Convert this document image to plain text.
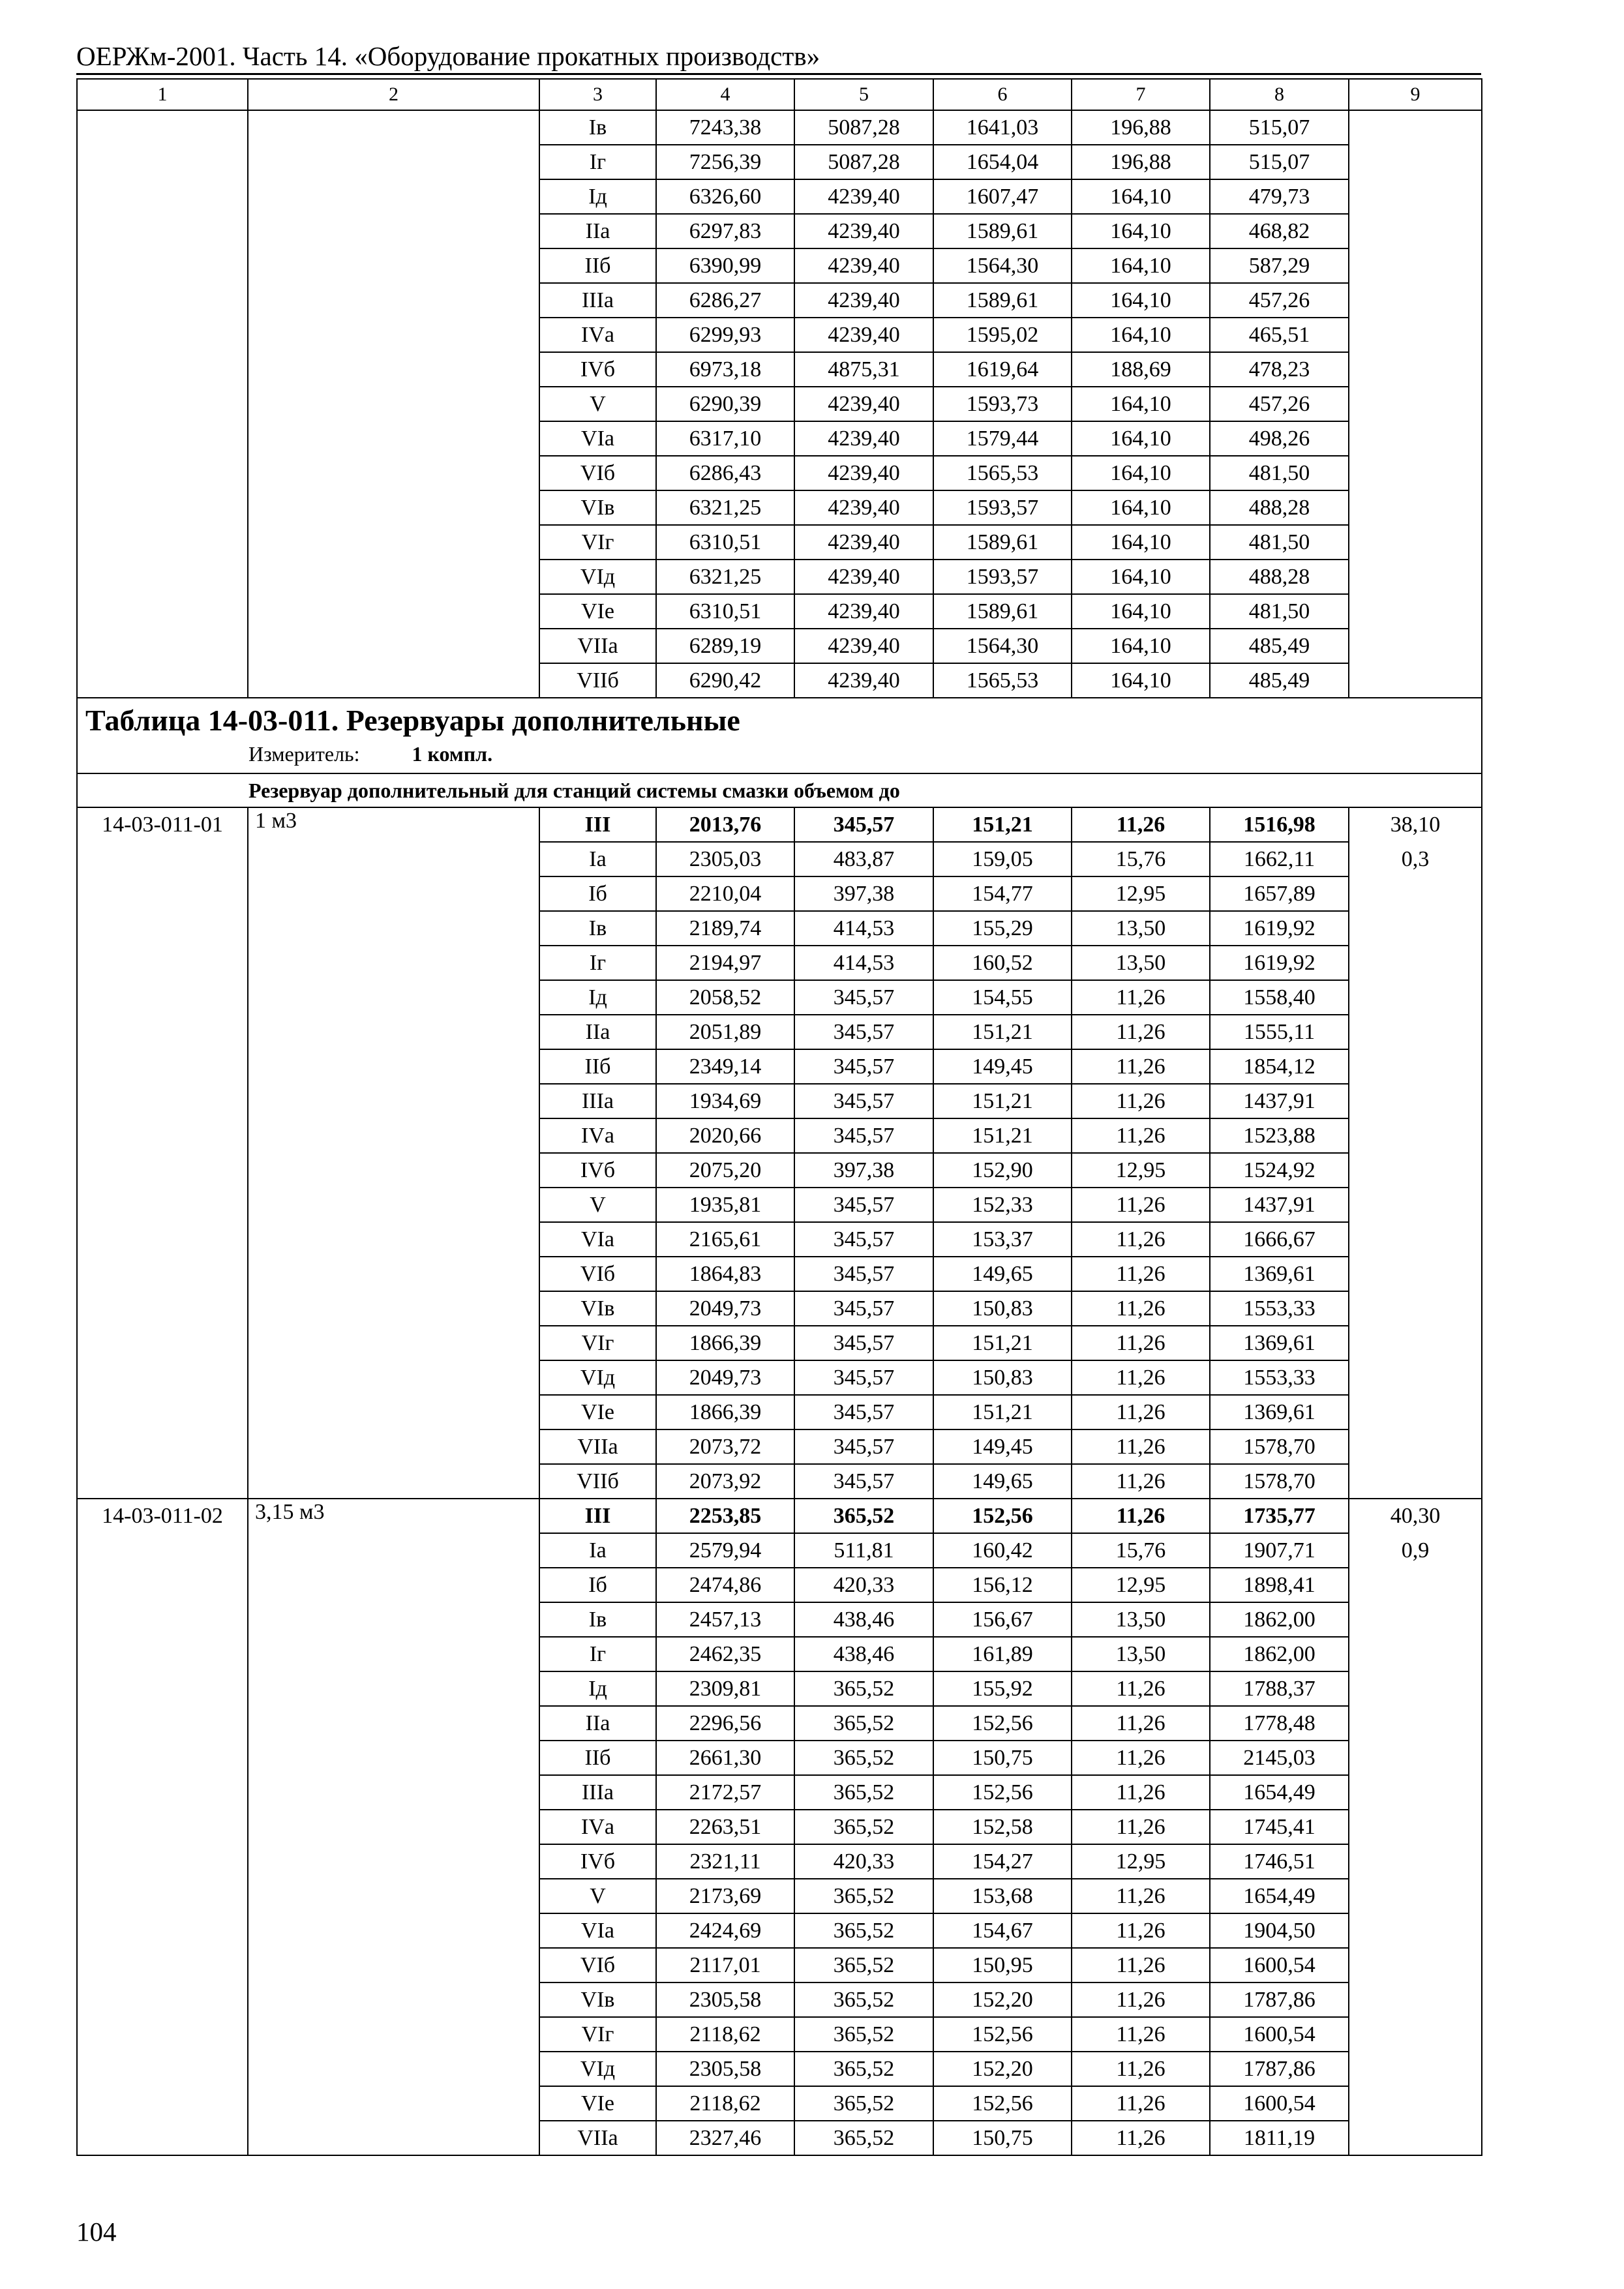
ОЕРЖм-2001. Часть 14. «Оборудование прокатных производств»
1	2	3	4	5	6	7	8	9
		Iв	7243,38	5087,28	1641,03	196,88	515,07	
		Iг	7256,39	5087,28	1654,04	196,88	515,07	
		Iд	6326,60	4239,40	1607,47	164,10	479,73	
		IIа	6297,83	4239,40	1589,61	164,10	468,82	
		IIб	6390,99	4239,40	1564,30	164,10	587,29	
		IIIа	6286,27	4239,40	1589,61	164,10	457,26	
		IVа	6299,93	4239,40	1595,02	164,10	465,51	
		IVб	6973,18	4875,31	1619,64	188,69	478,23	
		V	6290,39	4239,40	1593,73	164,10	457,26	
		VIа	6317,10	4239,40	1579,44	164,10	498,26	
		VIб	6286,43	4239,40	1565,53	164,10	481,50	
		VIв	6321,25	4239,40	1593,57	164,10	488,28	
		VIг	6310,51	4239,40	1589,61	164,10	481,50	
		VIд	6321,25	4239,40	1593,57	164,10	488,28	
		VIе	6310,51	4239,40	1589,61	164,10	481,50	
		VIIа	6289,19	4239,40	1564,30	164,10	485,49	
		VIIб	6290,42	4239,40	1565,53	164,10	485,49	

Таблица 14-03-011. Резервуары дополнительные
Измеритель: 1 компл.								

Резервуар дополнительный для станций системы смазки объемом до								
14-03-011-01	1 м3	III	2013,76	345,57	151,21	11,26	1516,98	38,10
		Iа	2305,03	483,87	159,05	15,76	1662,11	0,3
		Iб	2210,04	397,38	154,77	12,95	1657,89	
		Iв	2189,74	414,53	155,29	13,50	1619,92	
		Iг	2194,97	414,53	160,52	13,50	1619,92	
		Iд	2058,52	345,57	154,55	11,26	1558,40	
		IIа	2051,89	345,57	151,21	11,26	1555,11	
		IIб	2349,14	345,57	149,45	11,26	1854,12	
		IIIа	1934,69	345,57	151,21	11,26	1437,91	
		IVа	2020,66	345,57	151,21	11,26	1523,88	
		IVб	2075,20	397,38	152,90	12,95	1524,92	
		V	1935,81	345,57	152,33	11,26	1437,91	
		VIа	2165,61	345,57	153,37	11,26	1666,67	
		VIб	1864,83	345,57	149,65	11,26	1369,61	
		VIв	2049,73	345,57	150,83	11,26	1553,33	
		VIг	1866,39	345,57	151,21	11,26	1369,61	
		VIд	2049,73	345,57	150,83	11,26	1553,33	
		VIе	1866,39	345,57	151,21	11,26	1369,61	
		VIIа	2073,72	345,57	149,45	11,26	1578,70	
		VIIб	2073,92	345,57	149,65	11,26	1578,70	
14-03-011-02	3,15 м3	III	2253,85	365,52	152,56	11,26	1735,77	40,30
		Iа	2579,94	511,81	160,42	15,76	1907,71	0,9
		Iб	2474,86	420,33	156,12	12,95	1898,41	
		Iв	2457,13	438,46	156,67	13,50	1862,00	
		Iг	2462,35	438,46	161,89	13,50	1862,00	
		Iд	2309,81	365,52	155,92	11,26	1788,37	
		IIа	2296,56	365,52	152,56	11,26	1778,48	
		IIб	2661,30	365,52	150,75	11,26	2145,03	
		IIIа	2172,57	365,52	152,56	11,26	1654,49	
		IVа	2263,51	365,52	152,58	11,26	1745,41	
		IVб	2321,11	420,33	154,27	12,95	1746,51	
		V	2173,69	365,52	153,68	11,26	1654,49	
		VIа	2424,69	365,52	154,67	11,26	1904,50	
		VIб	2117,01	365,52	150,95	11,26	1600,54	
		VIв	2305,58	365,52	152,20	11,26	1787,86	
		VIг	2118,62	365,52	152,56	11,26	1600,54	
		VIд	2305,58	365,52	152,20	11,26	1787,86	
		VIе	2118,62	365,52	152,56	11,26	1600,54	
		VIIа	2327,46	365,52	150,75	11,26	1811,19	
104
